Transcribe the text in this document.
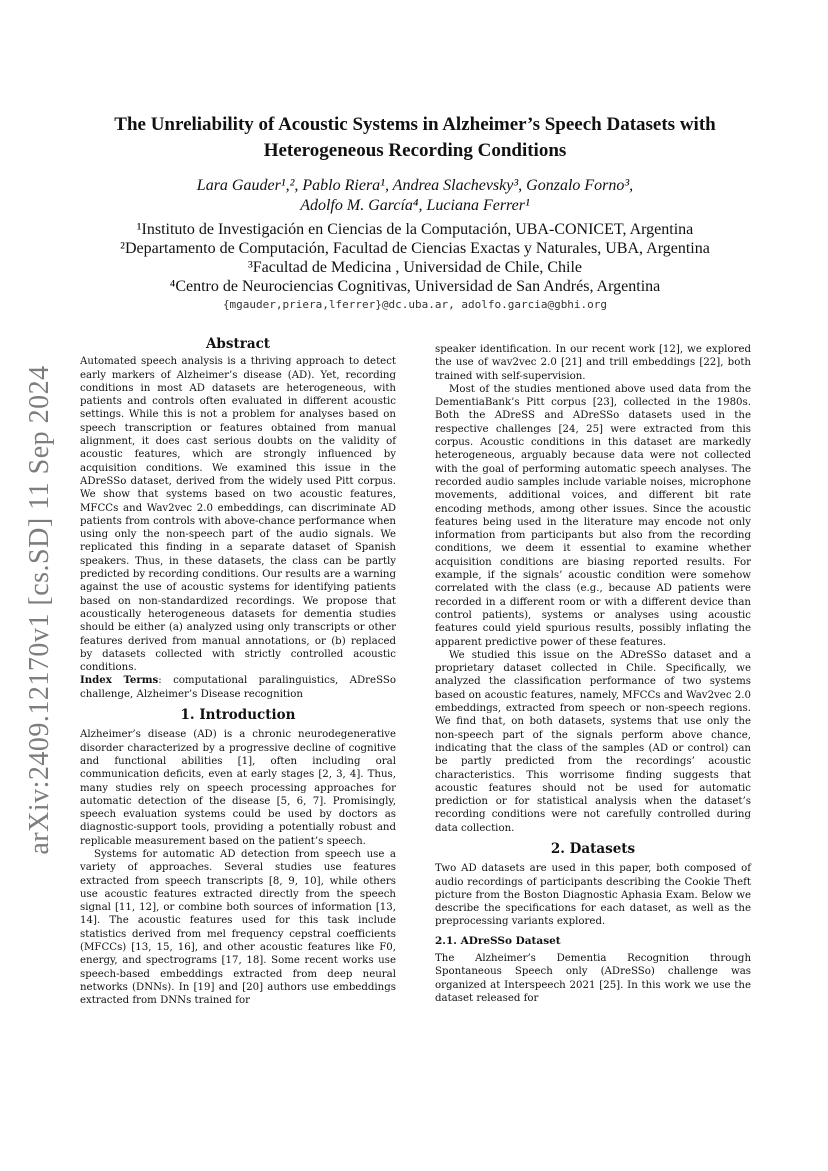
arXiv:2409.12170v1 [cs.SD] 11 Sep 2024
The Unreliability of Acoustic Systems in Alzheimer’s Speech Datasets with
Heterogeneous Recording Conditions
Lara Gauder¹,², Pablo Riera¹, Andrea Slachevsky³, Gonzalo Forno³,
Adolfo M. García⁴, Luciana Ferrer¹
¹Instituto de Investigación en Ciencias de la Computación, UBA-CONICET, Argentina
²Departamento de Computación, Facultad de Ciencias Exactas y Naturales, UBA, Argentina
³Facultad de Medicina , Universidad de Chile, Chile
⁴Centro de Neurociencias Cognitivas, Universidad de San Andrés, Argentina
{mgauder,priera,lferrer}@dc.uba.ar, adolfo.garcia@gbhi.org
Abstract

Automated speech analysis is a thriving approach to detect early markers of Alzheimer’s disease (AD). Yet, recording conditions in most AD datasets are heterogeneous, with patients and controls often evaluated in different acoustic settings. While this is not a problem for analyses based on speech transcription or features obtained from manual alignment, it does cast serious doubts on the validity of acoustic features, which are strongly influenced by acquisition conditions. We examined this issue in the ADreSSo dataset, derived from the widely used Pitt corpus. We show that systems based on two acoustic features, MFCCs and Wav2vec 2.0 embeddings, can discriminate AD patients from controls with above-chance performance when using only the non-speech part of the audio signals. We replicated this finding in a separate dataset of Spanish speakers. Thus, in these datasets, the class can be partly predicted by recording conditions. Our results are a warning against the use of acoustic systems for identifying patients based on non-standardized recordings. We propose that acoustically heterogeneous datasets for dementia studies should be either (a) analyzed using only transcripts or other features derived from manual annotations, or (b) replaced by datasets collected with strictly controlled acoustic conditions.

Index Terms: computational paralinguistics, ADreSSo challenge, Alzheimer’s Disease recognition

1. Introduction

Alzheimer’s disease (AD) is a chronic neurodegenerative disorder characterized by a progressive decline of cognitive and functional abilities [1], often including oral communication deficits, even at early stages [2, 3, 4]. Thus, many studies rely on speech processing approaches for automatic detection of the disease [5, 6, 7]. Promisingly, speech evaluation systems could be used by doctors as diagnostic-support tools, providing a potentially robust and replicable measurement based on the patient’s speech.

Systems for automatic AD detection from speech use a variety of approaches. Several studies use features extracted from speech transcripts [8, 9, 10], while others use acoustic features extracted directly from the speech signal [11, 12], or combine both sources of information [13, 14]. The acoustic features used for this task include statistics derived from mel frequency cepstral coefficients (MFCCs) [13, 15, 16], and other acoustic features like F0, energy, and spectrograms [17, 18]. Some recent works use speech-based embeddings extracted from deep neural networks (DNNs). In [19] and [20] authors use embeddings extracted from DNNs trained for

speaker identification. In our recent work [12], we explored the use of wav2vec 2.0 [21] and trill embeddings [22], both trained with self-supervision.

Most of the studies mentioned above used data from the DementiaBank’s Pitt corpus [23], collected in the 1980s. Both the ADreSS and ADreSSo datasets used in the respective challenges [24, 25] were extracted from this corpus. Acoustic conditions in this dataset are markedly heterogeneous, arguably because data were not collected with the goal of performing automatic speech analyses. The recorded audio samples include variable noises, microphone movements, additional voices, and different bit rate encoding methods, among other issues. Since the acoustic features being used in the literature may encode not only information from participants but also from the recording conditions, we deem it essential to examine whether acquisition conditions are biasing reported results. For example, if the signals’ acoustic condition were somehow correlated with the class (e.g., because AD patients were recorded in a different room or with a different device than control patients), systems or analyses using acoustic features could yield spurious results, possibly inflating the apparent predictive power of these features.

We studied this issue on the ADreSSo dataset and a proprietary dataset collected in Chile. Specifically, we analyzed the classification performance of two systems based on acoustic features, namely, MFCCs and Wav2vec 2.0 embeddings, extracted from speech or non-speech regions. We find that, on both datasets, systems that use only the non-speech part of the signals perform above chance, indicating that the class of the samples (AD or control) can be partly predicted from the recordings’ acoustic characteristics. This worrisome finding suggests that acoustic features should not be used for automatic prediction or for statistical analysis when the dataset’s recording conditions were not carefully controlled during data collection.

2. Datasets

Two AD datasets are used in this paper, both composed of audio recordings of participants describing the Cookie Theft picture from the Boston Diagnostic Aphasia Exam. Below we describe the specifications for each dataset, as well as the preprocessing variants explored.

2.1. ADreSSo Dataset

The Alzheimer’s Dementia Recognition through Spontaneous Speech only (ADreSSo) challenge was organized at Interspeech 2021 [25]. In this work we use the dataset released for
